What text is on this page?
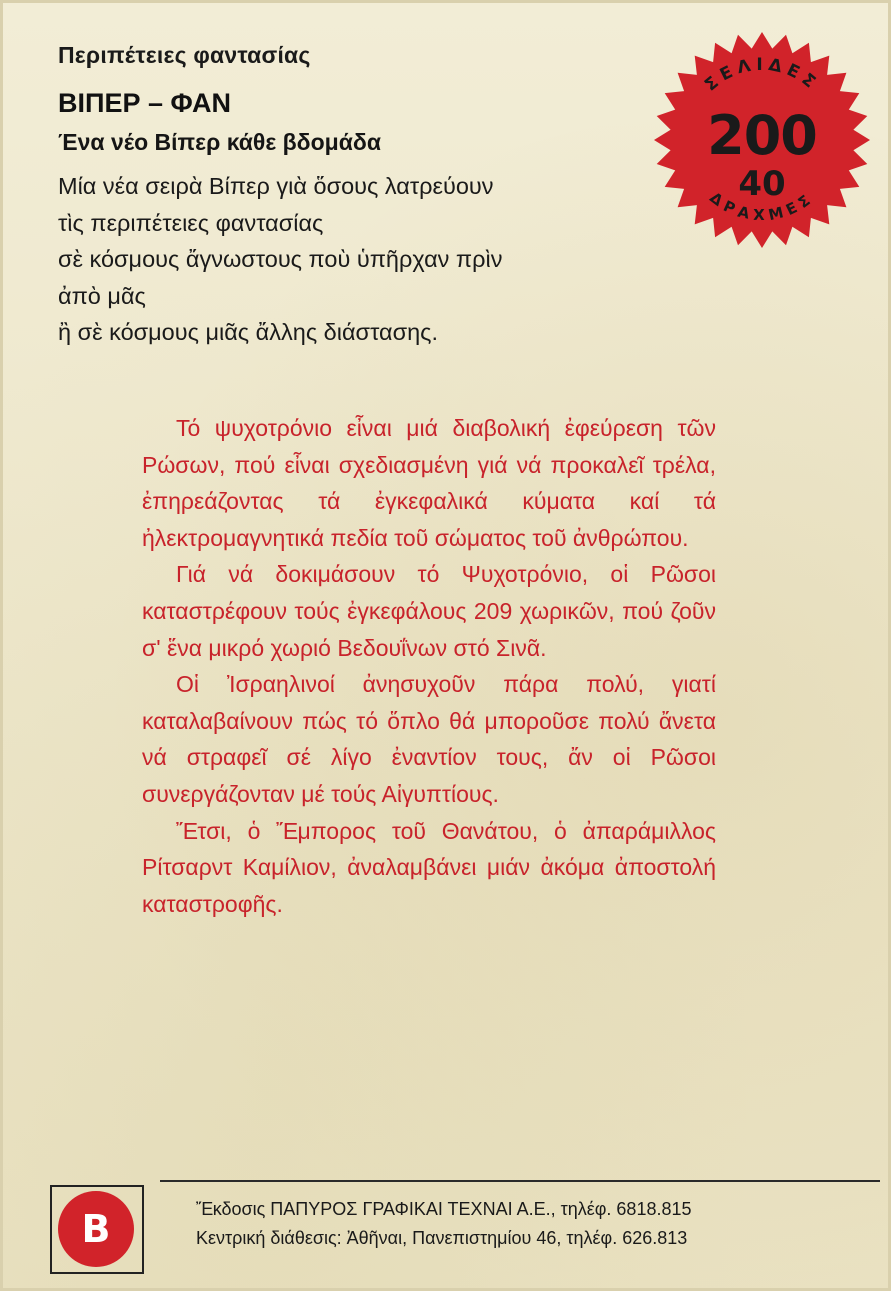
Περιπέτειες φαντασίας
ΒΙΠΕΡ – ΦΑΝ
Ένα νέο Βίπερ κάθε βδομάδα
Μία νέα σειρὰ Βίπερ γιὰ ὅσους λατρεύουν
τὶς περιπέτειες φαντασίας
σὲ κόσμους ἄγνωστους ποὺ ὑπῆρχαν πρὶν
ἀπὸ μᾶς
ἢ σὲ κόσμους μιᾶς ἄλλης διάστασης.
ΣΕΛΙΔΕΣ
ΔΡΑΧΜΕΣ
200
40

Τό ψυχοτρόνιο εἶναι μιά διαβολική ἐφεύρεση τῶν Ρώσων, πού εἶναι σχεδιασμένη γιά νά προκαλεῖ τρέλα, ἐπηρεάζοντας τά ἐγκεφαλικά κύματα καί τά ἠλεκτρομαγνητικά πεδία τοῦ σώματος τοῦ ἀνθρώπου.

Γιά νά δοκιμάσουν τό Ψυχοτρόνιο, οἱ Ρῶσοι καταστρέφουν τούς ἐγκεφάλους 209 χωρικῶν, πού ζοῦν σ' ἕνα μικρό χωριό Βεδουΐνων στό Σινᾶ.

Οἱ Ἰσραηλινοί ἀνησυχοῦν πάρα πολύ, γιατί καταλαβαίνουν πώς τό ὅπλο θά μποροῦσε πολύ ἄνετα νά στραφεῖ σέ λίγο ἐναντίον τους, ἄν οἱ Ρῶσοι συνεργάζονταν μέ τούς Αἰγυπτίους.

Ἔτσι, ὁ Ἔμπορος τοῦ Θανάτου, ὁ ἀπαράμιλλος Ρίτσαρντ Καμίλιον, ἀναλαμβάνει μιάν ἀκόμα ἀποστολή καταστροφῆς.

Β	Ἔκδοσις ΠΑΠΥΡΟΣ ΓΡΑΦΙΚΑΙ ΤΕΧΝΑΙ Α.Ε., τηλέφ. 6818.815
Κεντρική διάθεσις: Ἀθῆναι, Πανεπιστημίου 46, τηλέφ. 626.813
